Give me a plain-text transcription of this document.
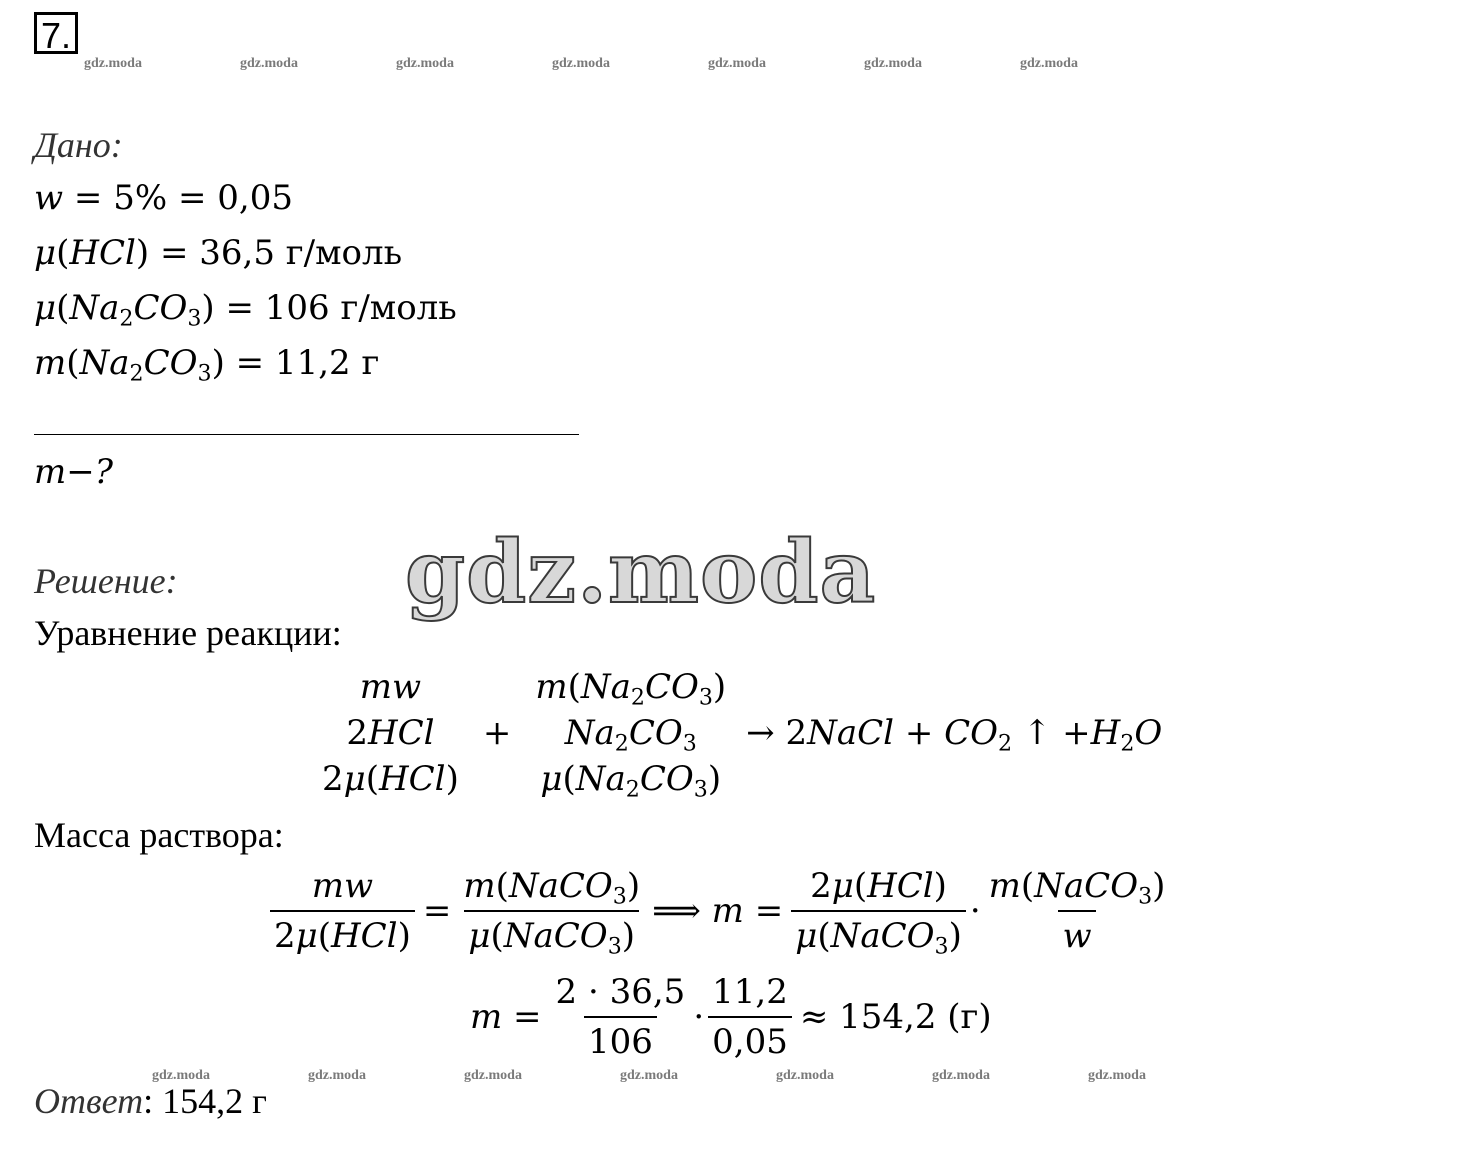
7.
gdz.moda	gdz.moda	gdz.moda	gdz.moda	gdz.moda	gdz.moda	gdz.moda
Дано:
w = 5% = 0,05
μ(HCl) = 36,5 г/моль
$\mu(Na_2CO_3) = 106$ г/моль
$m(Na_2CO_3) = 11,2$ г
m−?
gdz.moda
Решение:
Уравнение реакции:
mw
2HCl
2μ(HCl)
+
$m(Na_2CO_3)$
$Na_2CO_3$
$\mu(Na_2CO_3)$
→ 2NaCl + $CO_2$ ↑ $+H_2O$
Масса раствора:
$\frac{mw}{\text{2μ(HCl)}} = \frac{m(NaCO_3)}{\mu(NaCO_3)}$ ⟹ $m = \frac{\text{2μ(HCl)}}{\mu(NaCO_3)} \cdot \frac{m(NaCO_3)}{w}$
$m = \frac{2 \cdot 36,5}{106} \cdot \frac{11,2}{0,05} \approx 154,2$ (г)
gdz.moda	gdz.moda	gdz.moda	gdz.moda	gdz.moda	gdz.moda	gdz.moda
Ответ: 154,2 г
